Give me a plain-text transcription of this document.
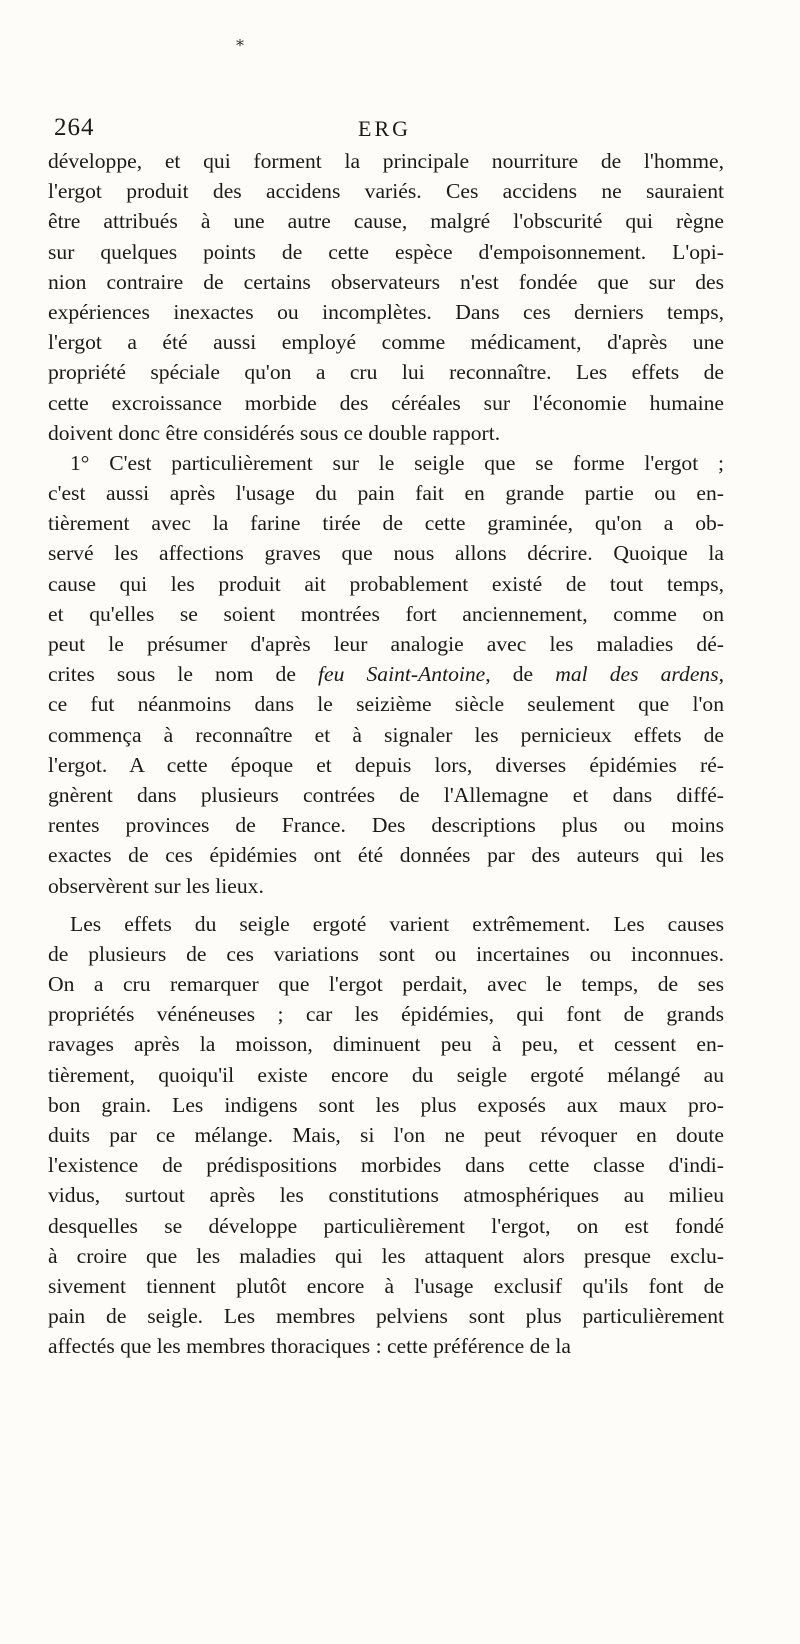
*
264	ERG
développe, et qui forment la principale nourriture de l'homme,
l'ergot produit des accidens variés. Ces accidens ne sauraient
être attribués à une autre cause, malgré l'obscurité qui règne
sur quelques points de cette espèce d'empoisonnement. L'opi-
nion contraire de certains observateurs n'est fondée que sur des
expériences inexactes ou incomplètes. Dans ces derniers temps,
l'ergot a été aussi employé comme médicament, d'après une
propriété spéciale qu'on a cru lui reconnaître. Les effets de
cette excroissance morbide des céréales sur l'économie humaine
doivent donc être considérés sous ce double rapport.
1° C'est particulièrement sur le seigle que se forme l'ergot ;
c'est aussi après l'usage du pain fait en grande partie ou en-
tièrement avec la farine tirée de cette graminée, qu'on a ob-
servé les affections graves que nous allons décrire. Quoique la
cause qui les produit ait probablement existé de tout temps,
et qu'elles se soient montrées fort anciennement, comme on
peut le présumer d'après leur analogie avec les maladies dé-
crites sous le nom de feu Saint-Antoine, de mal des ardens,
ce fut néanmoins dans le seizième siècle seulement que l'on
commença à reconnaître et à signaler les pernicieux effets de
l'ergot. A cette époque et depuis lors, diverses épidémies ré-
gnèrent dans plusieurs contrées de l'Allemagne et dans diffé-
rentes provinces de France. Des descriptions plus ou moins
exactes de ces épidémies ont été données par des auteurs qui les
observèrent sur les lieux.
Les effets du seigle ergoté varient extrêmement. Les causes
de plusieurs de ces variations sont ou incertaines ou inconnues.
On a cru remarquer que l'ergot perdait, avec le temps, de ses
propriétés vénéneuses ; car les épidémies, qui font de grands
ravages après la moisson, diminuent peu à peu, et cessent en-
tièrement, quoiqu'il existe encore du seigle ergoté mélangé au
bon grain. Les indigens sont les plus exposés aux maux pro-
duits par ce mélange. Mais, si l'on ne peut révoquer en doute
l'existence de prédispositions morbides dans cette classe d'indi-
vidus, surtout après les constitutions atmosphériques au milieu
desquelles se développe particulièrement l'ergot, on est fondé
à croire que les maladies qui les attaquent alors presque exclu-
sivement tiennent plutôt encore à l'usage exclusif qu'ils font de
pain de seigle. Les membres pelviens sont plus particulièrement
affectés que les membres thoraciques : cette préférence de la
